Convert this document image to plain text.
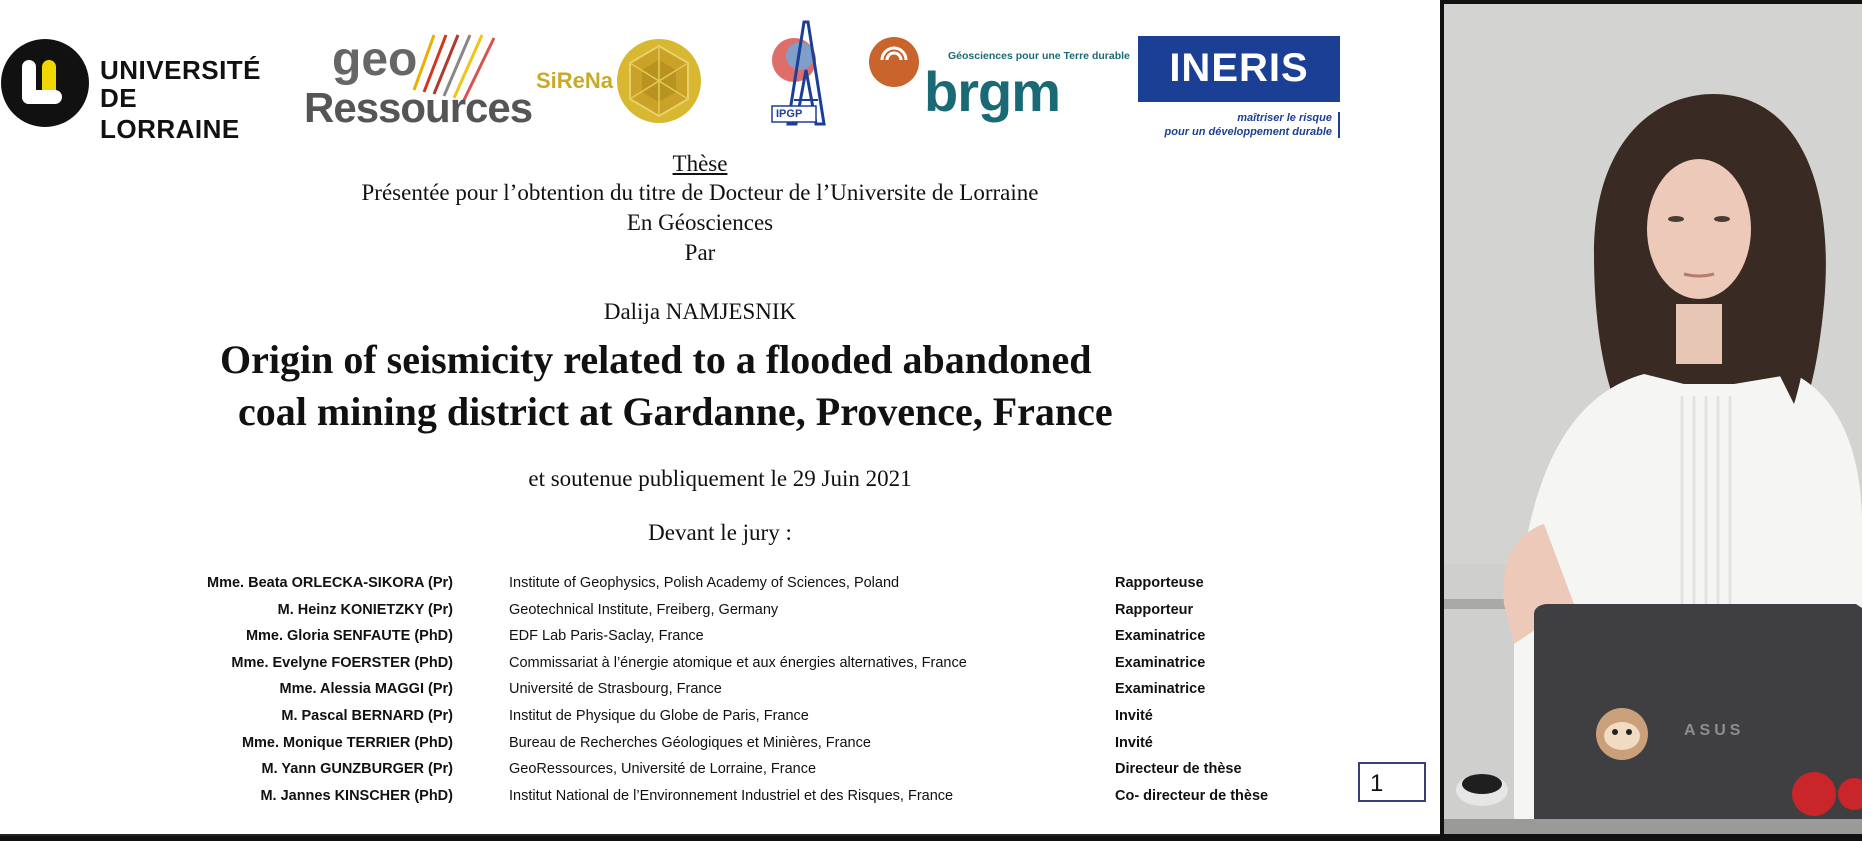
UNIVERSITÉ
DE LORRAINE
geo
Ressources
SiReNa
IPGP
Géosciences pour une Terre durable
brgm	INERIS
maîtriser le risque
pour un développement durable
Thèse
Présentée pour l’obtention du titre de Docteur de l’Universite de Lorraine
En Géosciences
Par
Dalija NAMJESNIK
Origin of seismicity related to a flooded abandoned
coal mining district at Gardanne, Provence, France
et soutenue publiquement le 29 Juin 2021
Devant le jury :
Mme. Beata ORLECKA-SIKORA (Pr)	Institute of Geophysics, Polish Academy of Sciences, Poland	Rapporteuse
M. Heinz KONIETZKY (Pr)	Geotechnical Institute, Freiberg, Germany	Rapporteur
Mme. Gloria SENFAUTE (PhD)	EDF Lab Paris-Saclay, France	Examinatrice
Mme. Evelyne FOERSTER (PhD)	Commissariat à l’énergie atomique et aux énergies alternatives, France	Examinatrice
Mme. Alessia MAGGI (Pr)	Université de Strasbourg, France	Examinatrice
M. Pascal BERNARD (Pr)	Institut de Physique du Globe de Paris, France	Invité
Mme. Monique TERRIER (PhD)	Bureau de Recherches Géologiques et Minières, France	Invité
M. Yann GUNZBURGER (Pr)	GeoRessources, Université de Lorraine, France	Directeur de thèse
M. Jannes KINSCHER (PhD)	Institut National de l’Environnement Industriel et des Risques, France	Co- directeur de thèse	1
ASUS
